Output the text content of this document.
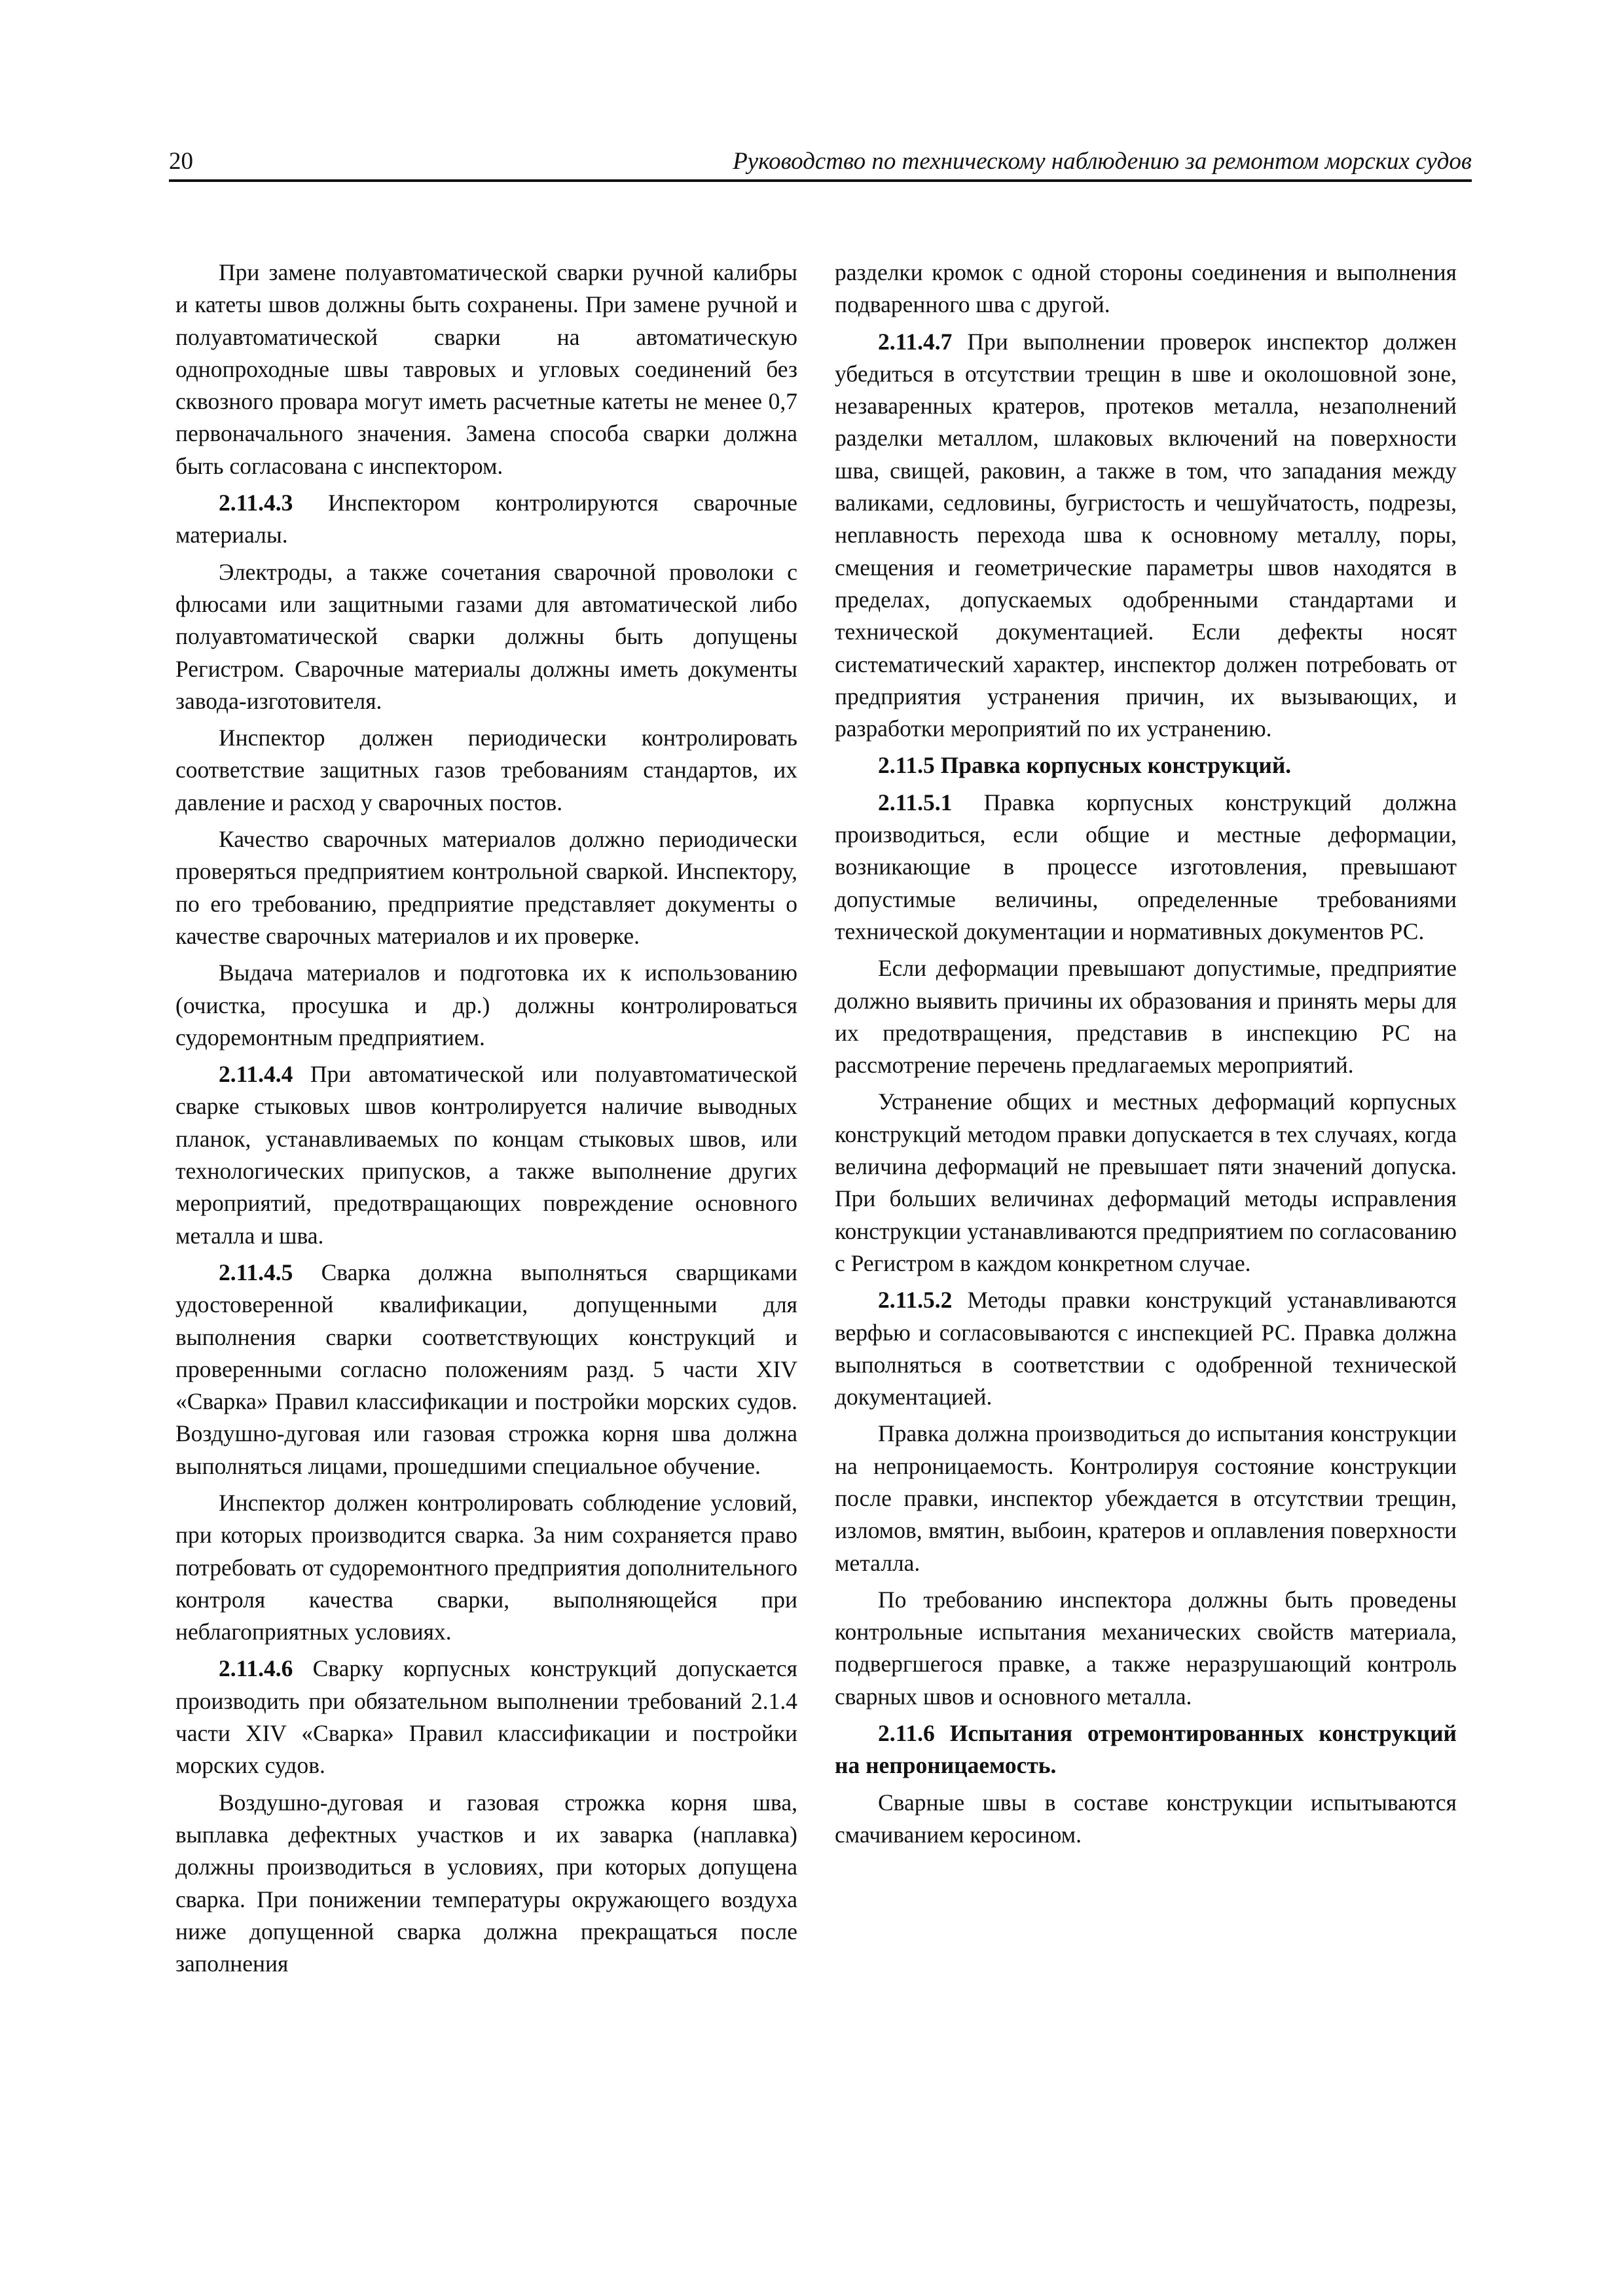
20	Руководство по техническому наблюдению за ремонтом морских судов

При замене полуавтоматической сварки ручной калибры и катеты швов должны быть сохранены. При замене ручной и полуавтоматической сварки на автоматическую однопроходные швы тавровых и угловых соединений без сквозного провара могут иметь расчетные катеты не менее 0,7 первоначального значения. Замена способа сварки должна быть согласована с инспектором.

2.11.4.3 Инспектором контролируются сварочные материалы.

Электроды, а также сочетания сварочной проволоки с флюсами или защитными газами для автоматической либо полуавтоматической сварки должны быть допущены Регистром. Сварочные материалы должны иметь документы завода-изготовителя.

Инспектор должен периодически контролировать соответствие защитных газов требованиям стандартов, их давление и расход у сварочных постов.

Качество сварочных материалов должно периодически проверяться предприятием контрольной сваркой. Инспектору, по его требованию, предприятие представляет документы о качестве сварочных материалов и их проверке.

Выдача материалов и подготовка их к использованию (очистка, просушка и др.) должны контролироваться судоремонтным предприятием.

2.11.4.4 При автоматической или полуавтоматической сварке стыковых швов контролируется наличие выводных планок, устанавливаемых по концам стыковых швов, или технологических припусков, а также выполнение других мероприятий, предотвращающих повреждение основного металла и шва.

2.11.4.5 Сварка должна выполняться сварщиками удостоверенной квалификации, допущенными для выполнения сварки соответствующих конструкций и проверенными согласно положениям разд. 5 части XIV «Сварка» Правил классификации и постройки морских судов. Воздушно-дуговая или газовая строжка корня шва должна выполняться лицами, прошедшими специальное обучение.

Инспектор должен контролировать соблюдение условий, при которых производится сварка. За ним сохраняется право потребовать от судоремонтного предприятия дополнительного контроля качества сварки, выполняющейся при неблагоприятных условиях.

2.11.4.6 Сварку корпусных конструкций допускается производить при обязательном выполнении требований 2.1.4 части XIV «Сварка» Правил классификации и постройки морских судов.

Воздушно-дуговая и газовая строжка корня шва, выплавка дефектных участков и их заварка (наплавка) должны производиться в условиях, при которых допущена сварка. При понижении температуры окружающего воздуха ниже допущенной сварка должна прекращаться после заполнения

разделки кромок с одной стороны соединения и выполнения подваренного шва с другой.

2.11.4.7 При выполнении проверок инспектор должен убедиться в отсутствии трещин в шве и околошовной зоне, незаваренных кратеров, протеков металла, незаполнений разделки металлом, шлаковых включений на поверхности шва, свищей, раковин, а также в том, что западания между валиками, седловины, бугристость и чешуйчатость, подрезы, неплавность перехода шва к основному металлу, поры, смещения и геометрические параметры швов находятся в пределах, допускаемых одобренными стандартами и технической документацией. Если дефекты носят систематический характер, инспектор должен потребовать от предприятия устранения причин, их вызывающих, и разработки мероприятий по их устранению.

2.11.5 Правка корпусных конструкций.

2.11.5.1 Правка корпусных конструкций должна производиться, если общие и местные деформации, возникающие в процессе изготовления, превышают допустимые величины, определенные требованиями технической документации и нормативных документов РС.

Если деформации превышают допустимые, предприятие должно выявить причины их образования и принять меры для их предотвращения, представив в инспекцию РС на рассмотрение перечень предлагаемых мероприятий.

Устранение общих и местных деформаций корпусных конструкций методом правки допускается в тех случаях, когда величина деформаций не превышает пяти значений допуска. При больших величинах деформаций методы исправления конструкции устанавливаются предприятием по согласованию с Регистром в каждом конкретном случае.

2.11.5.2 Методы правки конструкций устанавливаются верфью и согласовываются с инспекцией РС. Правка должна выполняться в соответствии с одобренной технической документацией.

Правка должна производиться до испытания конструкции на непроницаемость. Контролируя состояние конструкции после правки, инспектор убеждается в отсутствии трещин, изломов, вмятин, выбоин, кратеров и оплавления поверхности металла.

По требованию инспектора должны быть проведены контрольные испытания механических свойств материала, подвергшегося правке, а также неразрушающий контроль сварных швов и основного металла.

2.11.6 Испытания отремонтированных конструкций на непроницаемость.

Сварные швы в составе конструкции испытываются смачиванием керосином.
